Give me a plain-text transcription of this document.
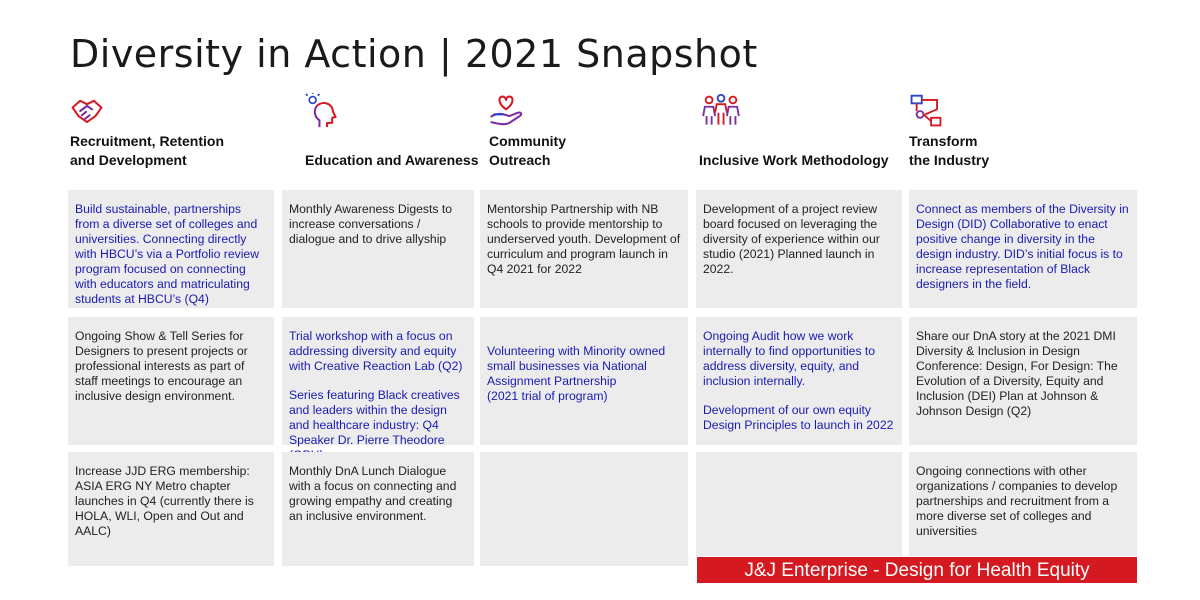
Diversity in Action | 2021 Snapshot
Recruitment, Retention
and Development	Education and Awareness
Community
Outreach	Inclusive Work Methodology
Transform
the Industry

Build sustainable, partnerships from a diverse set of colleges and universities. Connecting directly with HBCU’s via a Portfolio review program focused on connecting with educators and matriculating students at HBCU’s (Q4)

Monthly Awareness Digests to increase conversations / dialogue and to drive allyship

Mentorship Partnership with NB schools to provide mentorship to underserved youth. Development of curriculum and program launch in Q4 2021 for 2022

Development of a project review board focused on leveraging the diversity of experience within our studio (2021) Planned launch in 2022.

Connect as members of the Diversity in Design (DID) Collaborative to enact positive change in diversity in the design industry. DID’s initial focus is to increase representation of Black designers in the field.

Ongoing Show & Tell Series for Designers to present projects or professional interests as part of staff meetings to encourage an inclusive design environment.

Trial workshop with a focus on addressing diversity and equity with Creative Reaction Lab (Q2)

Series featuring Black creatives and leaders within the design and healthcare industry: Q4 Speaker Dr. Pierre Theodore

Volunteering with Minority owned small businesses via National Assignment Partnership
(2021 trial of program)

Ongoing Audit how we work internally to find opportunities to address diversity, equity, and inclusion internally.

Development of our own equity Design Principles to launch in 2022

Share our DnA story at the 2021 DMI Diversity & Inclusion in Design Conference: Design, For Design: The Evolution of a Diversity, Equity and Inclusion (DEI) Plan at Johnson & Johnson Design (Q2)

Increase JJD ERG membership: ASIA ERG NY Metro chapter launches in Q4 (currently there is HOLA, WLI, Open and Out and AALC)

Monthly DnA Lunch Dialogue with a focus on connecting and growing empathy and creating an inclusive environment.

Ongoing connections with other organizations / companies to develop partnerships and recruitment from a more diverse set of colleges and universities

J&J Enterprise - Design for Health Equity
